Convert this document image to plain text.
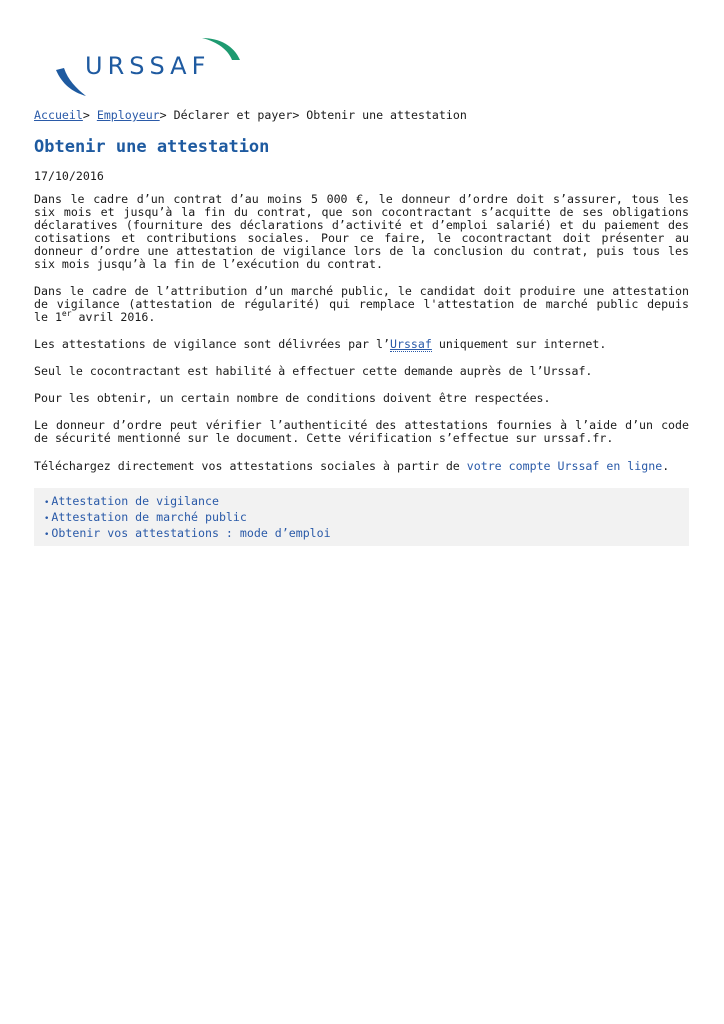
URSSAF
Accueil> Employeur> Déclarer et payer> Obtenir une attestation
Obtenir une attestation
17/10/2016

Dans le cadre d’un contrat d’au moins 5 000 €, le donneur d’ordre doit s’assurer, tous les six mois et jusqu’à la fin du contrat, que son cocontractant s’acquitte de ses obligations déclaratives (fourniture des déclarations d’activité et d’emploi salarié) et du paiement des cotisations et contributions sociales. Pour ce faire, le cocontractant doit présenter au donneur d’ordre une attestation de vigilance lors de la conclusion du contrat, puis tous les six mois jusqu’à la fin de l’exécution du contrat.

Dans le cadre de l’attribution d’un marché public, le candidat doit produire une attestation de vigilance (attestation de régularité) qui remplace l'attestation de marché public depuis le 1er avril 2016.

Les attestations de vigilance sont délivrées par l’Urssaf uniquement sur internet.

Seul le cocontractant est habilité à effectuer cette demande auprès de l’Urssaf.

Pour les obtenir, un certain nombre de conditions doivent être respectées.

Le donneur d’ordre peut vérifier l’authenticité des attestations fournies à l’aide d’un code de sécurité mentionné sur le document. Cette vérification s’effectue sur urssaf.fr.

Téléchargez directement vos attestations sociales à partir de votre compte Urssaf en ligne.

• Attestation de vigilance
• Attestation de marché public
• Obtenir vos attestations : mode d’emploi
